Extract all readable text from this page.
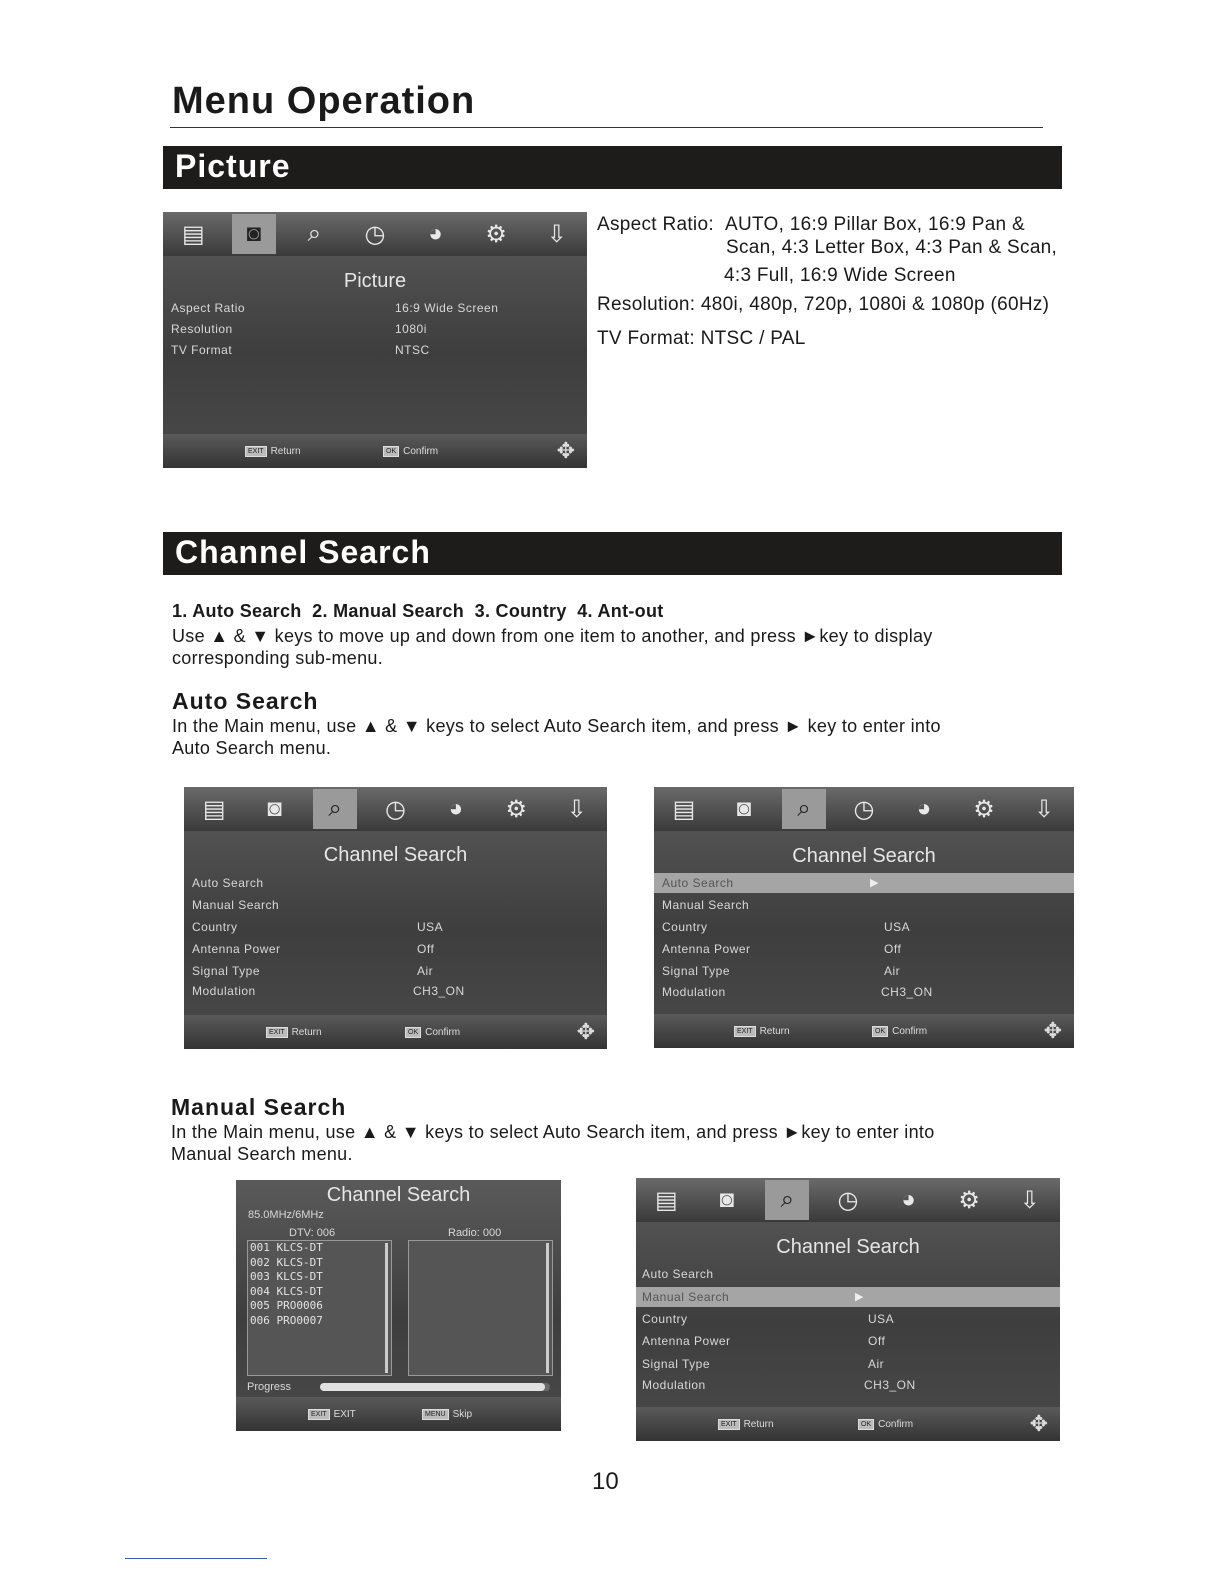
Menu Operation
Picture
▤	◙	⌕	◷	◕	⚙	⇩
Picture
Aspect Ratio	16:9 Wide Screen
Resolution	1080i
TV Format	NTSC
EXIT Return	OK Confirm	✥
Aspect Ratio: AUTO, 16:9 Pillar Box, 16:9 Pan &
Scan, 4:3 Letter Box, 4:3 Pan & Scan,
4:3 Full, 16:9 Wide Screen
Resolution: 480i, 480p, 720p, 1080i & 1080p (60Hz)
TV Format: NTSC / PAL
Channel Search
1. Auto Search  2. Manual Search  3. Country  4. Ant-out
Use ▲ & ▼ keys to move up and down from one item to another, and press ►key to display
corresponding sub-menu.
Auto Search
In the Main menu, use ▲ & ▼ keys to select Auto Search item, and press ► key to enter into
Auto Search menu.
▤	◙	⌕	◷	◕	⚙	⇩
Channel Search
Auto Search
Manual Search
Country	USA
Antenna Power	Off
Signal Type	Air
Modulation	CH3_ON
EXIT Return	OK Confirm	✥
▤	◙	⌕	◷	◕	⚙	⇩
Channel Search
Auto Search	▶
Manual Search
Country	USA
Antenna Power	Off
Signal Type	Air
Modulation	CH3_ON
EXIT Return	OK Confirm	✥
Manual Search
In the Main menu, use ▲ & ▼ keys to select Auto Search item, and press ►key to enter into
Manual Search menu.
Channel Search
85.0MHz/6MHz
DTV: 006	Radio: 000
001 KLCS-DT
002 KLCS-DT
003 KLCS-DT
004 KLCS-DT
005 PRO0006
006 PRO0007
Progress
EXIT EXIT	MENU Skip
▤	◙	⌕	◷	◕	⚙	⇩
Channel Search
Auto Search
Manual Search	▶
Country	USA
Antenna Power	Off
Signal Type	Air
Modulation	CH3_ON
EXIT Return	OK Confirm	✥
10
